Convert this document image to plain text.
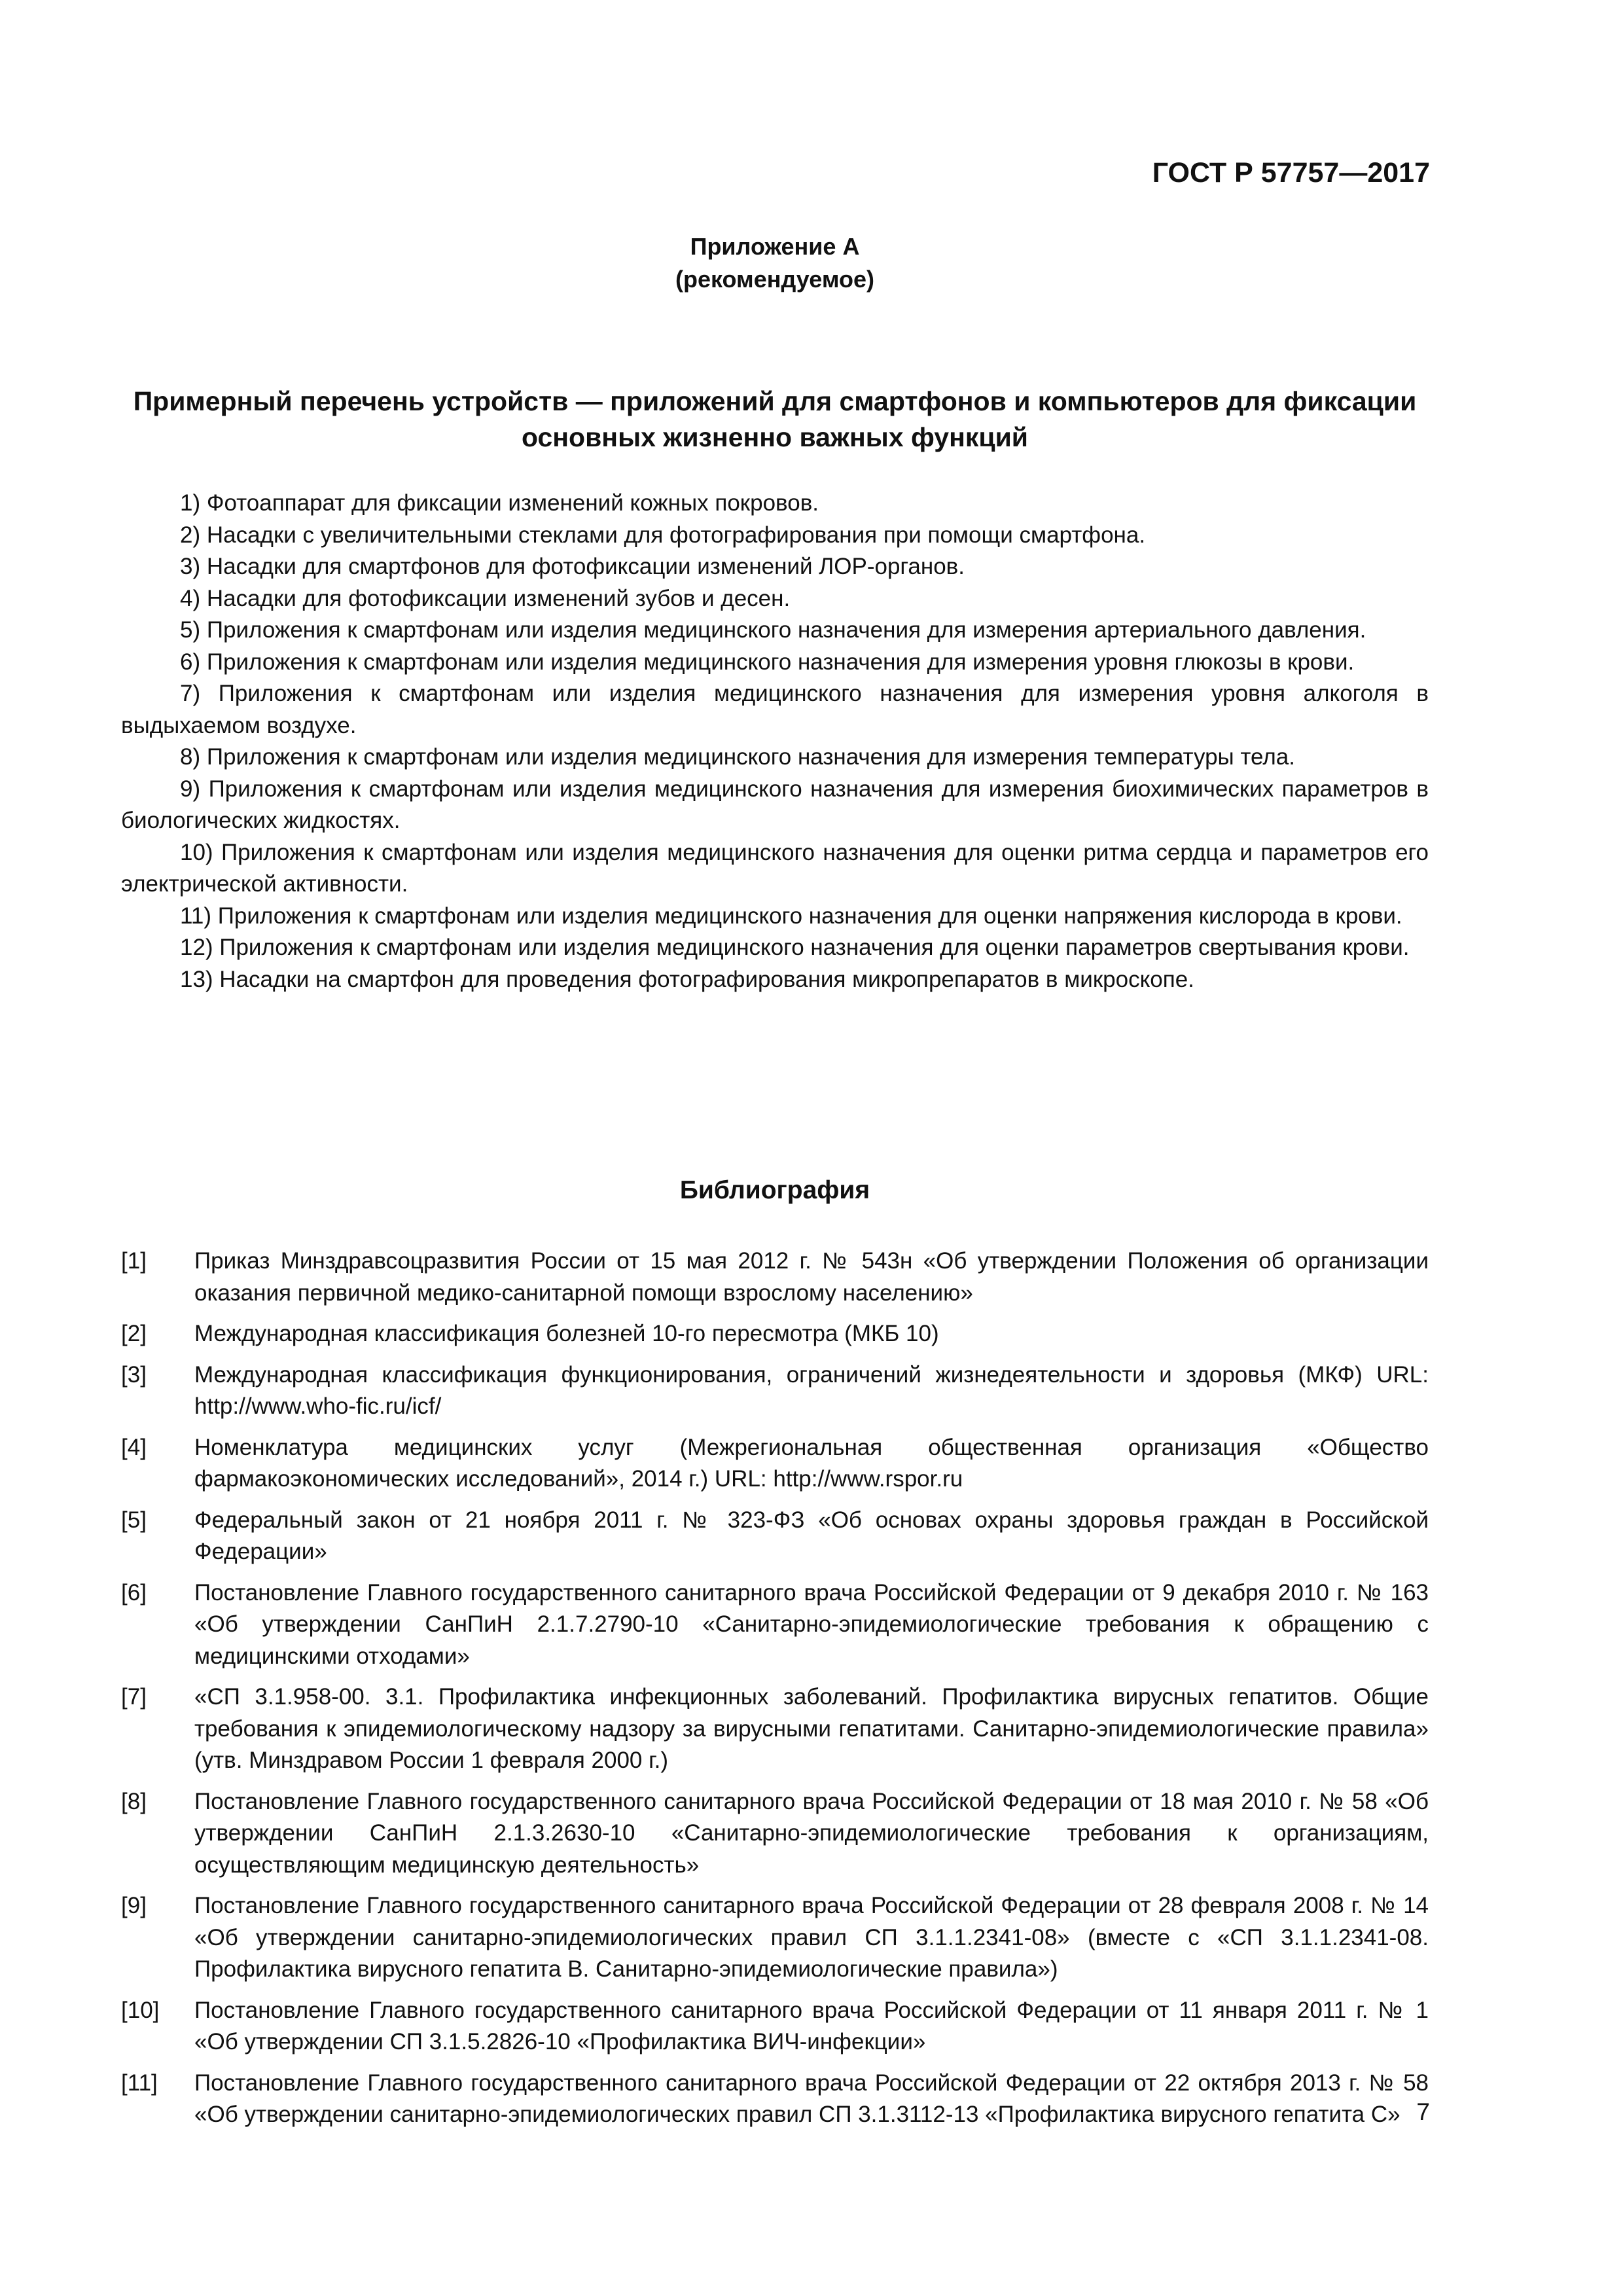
ГОСТ Р 57757—2017
Приложение А
(рекомендуемое)
Примерный перечень устройств — приложений для смартфонов и компьютеров для фиксации основных жизненно важных функций
1) Фотоаппарат для фиксации изменений кожных покровов.
2) Насадки с увеличительными стеклами для фотографирования при помощи смартфона.
3) Насадки для смартфонов для фотофиксации изменений ЛОР-органов.
4) Насадки для фотофиксации изменений зубов и десен.
5) Приложения к смартфонам или изделия медицинского назначения для измерения артериального давления.
6) Приложения к смартфонам или изделия медицинского назначения для измерения уровня глюкозы в крови.
7) Приложения к смартфонам или изделия медицинского назначения для измерения уровня алкоголя в выдыхаемом воздухе.
8) Приложения к смартфонам или изделия медицинского назначения для измерения температуры тела.
9) Приложения к смартфонам или изделия медицинского назначения для измерения биохимических параметров в биологических жидкостях.
10) Приложения к смартфонам или изделия медицинского назначения для оценки ритма сердца и параметров его электрической активности.
11) Приложения к смартфонам или изделия медицинского назначения для оценки напряжения кислорода в крови.
12) Приложения к смартфонам или изделия медицинского назначения для оценки параметров свертывания крови.
13) Насадки на смартфон для проведения фотографирования микропрепаратов в микроскопе.
Библиография
[1]	Приказ Минздравсоцразвития России от 15 мая 2012 г. № 543н «Об утверждении Положения об организации оказания первичной медико-санитарной помощи взрослому населению»
[2]	Международная классификация болезней 10-го пересмотра (МКБ 10)
[3]	Международная классификация функционирования, ограничений жизнедеятельности и здоровья (МКФ) URL: http://www.who-fic.ru/icf/
[4]	Номенклатура медицинских услуг (Межрегиональная общественная организация «Общество фармакоэкономических исследований», 2014 г.) URL: http://www.rspor.ru
[5]	Федеральный закон от 21 ноября 2011 г. № 323-ФЗ «Об основах охраны здоровья граждан в Российской Федерации»
[6]	Постановление Главного государственного санитарного врача Российской Федерации от 9 декабря 2010 г. № 163 «Об утверждении СанПиН 2.1.7.2790-10 «Санитарно-эпидемиологические требования к обращению с медицинскими отходами»
[7]	«СП 3.1.958-00. 3.1. Профилактика инфекционных заболеваний. Профилактика вирусных гепатитов. Общие требования к эпидемиологическому надзору за вирусными гепатитами. Санитарно-эпидемиологические правила» (утв. Минздравом России 1 февраля 2000 г.)
[8]	Постановление Главного государственного санитарного врача Российской Федерации от 18 мая 2010 г. № 58 «Об утверждении СанПиН 2.1.3.2630-10 «Санитарно-эпидемиологические требования к организациям, осуществляющим медицинскую деятельность»
[9]	Постановление Главного государственного санитарного врача Российской Федерации от 28 февраля 2008 г. № 14 «Об утверждении санитарно-эпидемиологических правил СП 3.1.1.2341-08» (вместе с «СП 3.1.1.2341-08. Профилактика вирусного гепатита В. Санитарно-эпидемиологические правила»)
[10]	Постановление Главного государственного санитарного врача Российской Федерации от 11 января 2011 г. № 1 «Об утверждении СП 3.1.5.2826-10 «Профилактика ВИЧ-инфекции»
[11]	Постановление Главного государственного санитарного врача Российской Федерации от 22 октября 2013 г. № 58 «Об утверждении санитарно-эпидемиологических правил СП 3.1.3112-13 «Профилактика вирусного гепатита С» 7
